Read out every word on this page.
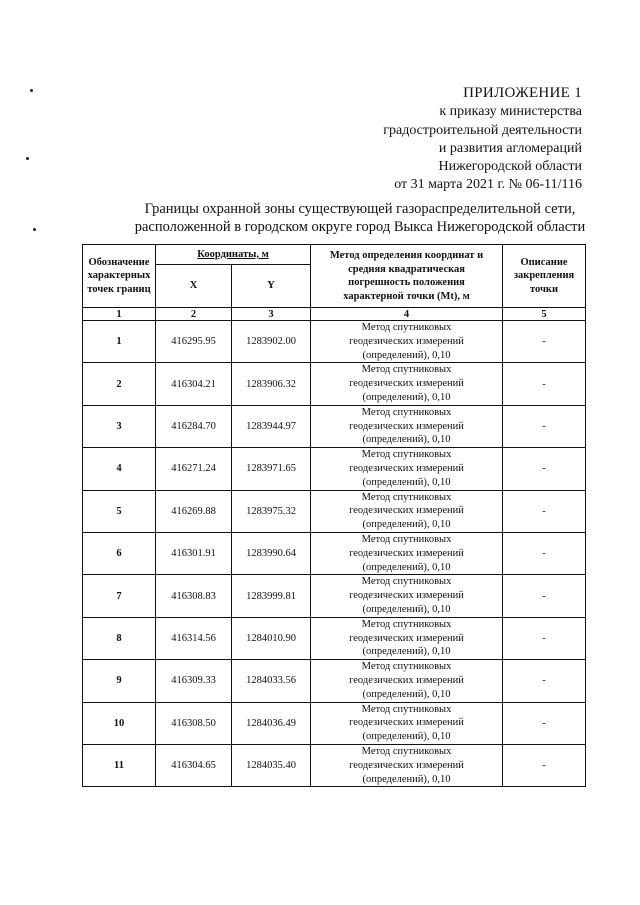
ПРИЛОЖЕНИЕ 1
к приказу министерства
градостроительной деятельности
и развития агломераций
Нижегородской области
от 31 марта 2021 г. № 06-11/116
Границы охранной зоны существующей газораспределительной сети,
расположенной в городском округе город Выкса Нижегородской области
Обозначение характерных точек границ	Координаты, м		Метод определения координат и средняя квадратическая погрешность положения характерной точки (Mt), м	Описание закрепления точки
	X	Y		
1	2	3	4	5
1	416295.95	1283902.00	Метод спутниковых
геодезических измерений
(определений), 0,10	-
2	416304.21	1283906.32	Метод спутниковых
геодезических измерений
(определений), 0,10	-
3	416284.70	1283944.97	Метод спутниковых
геодезических измерений
(определений), 0,10	-
4	416271.24	1283971.65	Метод спутниковых
геодезических измерений
(определений), 0,10	-
5	416269.88	1283975.32	Метод спутниковых
геодезических измерений
(определений), 0,10	-
6	416301.91	1283990.64	Метод спутниковых
геодезических измерений
(определений), 0,10	-
7	416308.83	1283999.81	Метод спутниковых
геодезических измерений
(определений), 0,10	-
8	416314.56	1284010.90	Метод спутниковых
геодезических измерений
(определений), 0,10	-
9	416309.33	1284033.56	Метод спутниковых
геодезических измерений
(определений), 0,10	-
10	416308.50	1284036.49	Метод спутниковых
геодезических измерений
(определений), 0,10	-
11	416304.65	1284035.40	Метод спутниковых
геодезических измерений
(определений), 0,10	-
